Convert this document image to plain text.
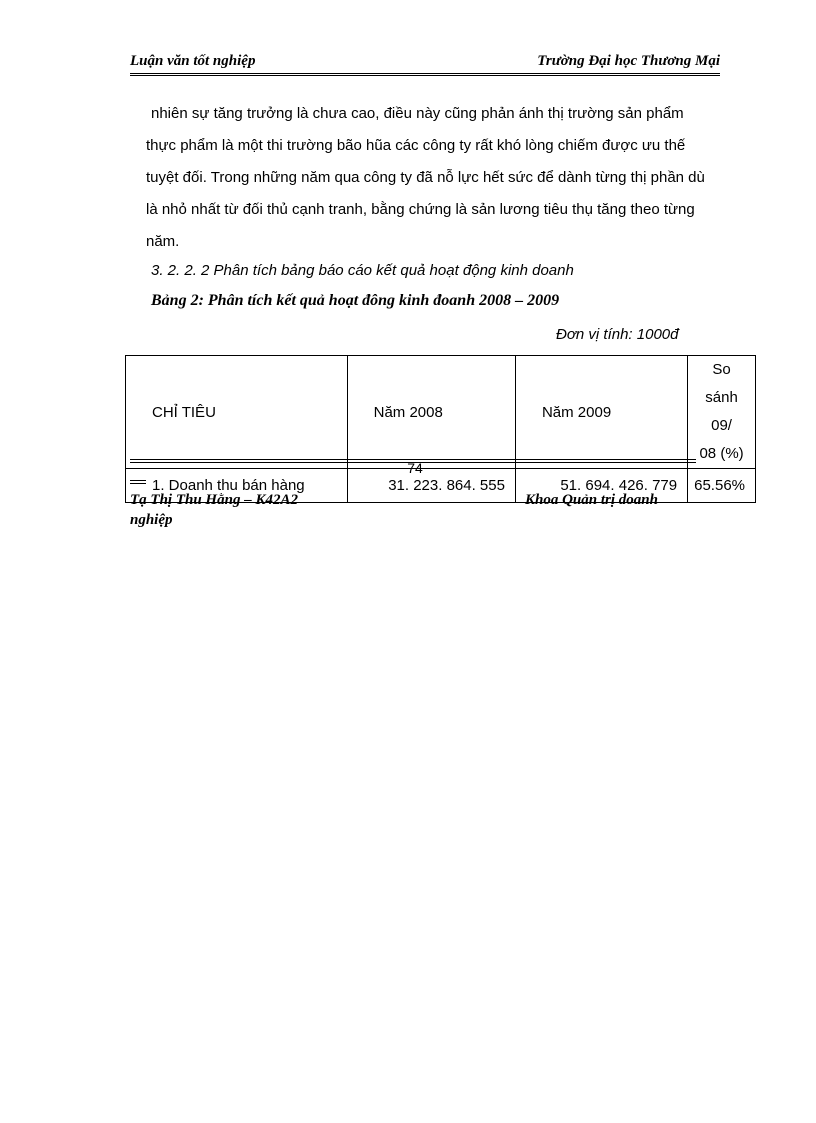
Luận văn tốt nghiệp	Trường Đại học Thương Mại
nhiên sự tăng trưởng là chưa cao, điều này cũng phản ánh thị trường sản phẩm
thực phẩm là một thi trường bão hũa các công ty rất khó lòng chiếm được ưu thế
tuyệt đối. Trong những năm qua công ty đã nỗ lực hết sức để dành từng thị phần dù
là nhỏ nhất từ đối thủ cạnh tranh, bằng chứng là sản lương tiêu thụ tăng theo từng
năm.
3. 2. 2. 2 Phân tích bảng báo cáo kết quả hoạt động kinh doanh
Bảng 2: Phân tích kết quả hoạt đông kinh đoanh 2008 – 2009
Đơn vị tính: 1000đ
CHỈ TIÊU	Năm 2008	Năm 2009	So sánh 09/
08 (%)

1. Doanh thu bán hàng	31. 223. 864. 555	51. 694. 426. 779	65.56%
74
Tạ Thị Thu Hằng – K42A2	Khoa Quản trị doanh
nghiệp
